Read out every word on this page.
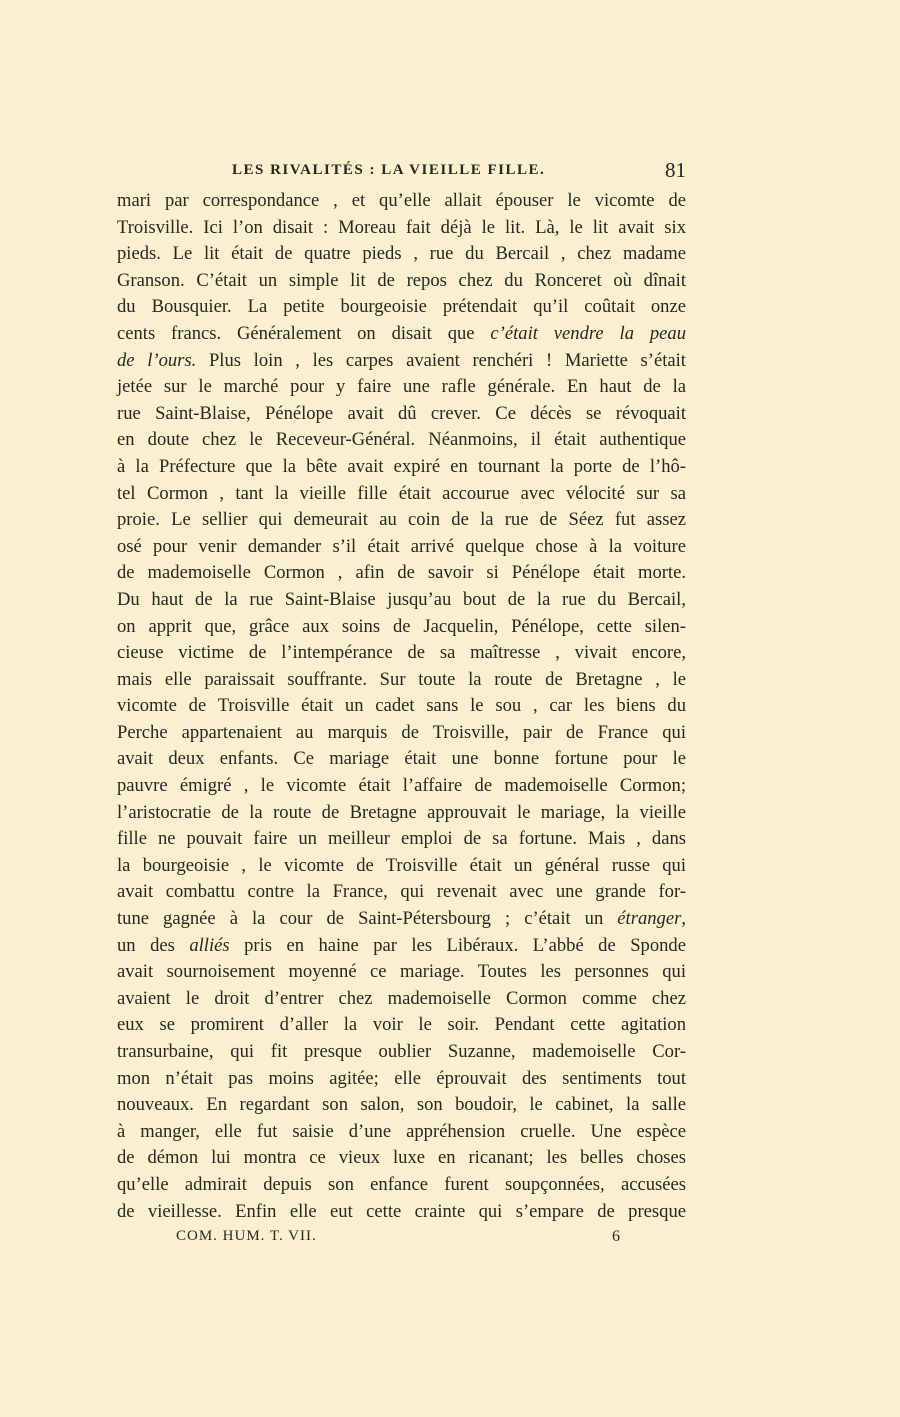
LES RIVALITÉS : LA VIEILLE FILLE.	81
mari par correspondance , et qu’elle allait épouser le vicomte de
Troisville. Ici l’on disait : Moreau fait déjà le lit. Là, le lit avait six
pieds. Le lit était de quatre pieds , rue du Bercail , chez madame
Granson. C’était un simple lit de repos chez du Ronceret où dînait
du Bousquier. La petite bourgeoisie prétendait qu’il coûtait onze
cents francs. Généralement on disait que c’était vendre la peau
de l’ours. Plus loin , les carpes avaient renchéri ! Mariette s’était
jetée sur le marché pour y faire une rafle générale. En haut de la
rue Saint-Blaise, Pénélope avait dû crever. Ce décès se révoquait
en doute chez le Receveur-Général. Néanmoins, il était authentique
à la Préfecture que la bête avait expiré en tournant la porte de l’hô-
tel Cormon , tant la vieille fille était accourue avec vélocité sur sa
proie. Le sellier qui demeurait au coin de la rue de Séez fut assez
osé pour venir demander s’il était arrivé quelque chose à la voiture
de mademoiselle Cormon , afin de savoir si Pénélope était morte.
Du haut de la rue Saint-Blaise jusqu’au bout de la rue du Bercail,
on apprit que, grâce aux soins de Jacquelin, Pénélope, cette silen-
cieuse victime de l’intempérance de sa maîtresse , vivait encore,
mais elle paraissait souffrante. Sur toute la route de Bretagne , le
vicomte de Troisville était un cadet sans le sou , car les biens du
Perche appartenaient au marquis de Troisville, pair de France qui
avait deux enfants. Ce mariage était une bonne fortune pour le
pauvre émigré , le vicomte était l’affaire de mademoiselle Cormon;
l’aristocratie de la route de Bretagne approuvait le mariage, la vieille
fille ne pouvait faire un meilleur emploi de sa fortune. Mais , dans
la bourgeoisie , le vicomte de Troisville était un général russe qui
avait combattu contre la France, qui revenait avec une grande for-
tune gagnée à la cour de Saint-Pétersbourg ; c’était un étranger,
un des alliés pris en haine par les Libéraux. L’abbé de Sponde
avait sournoisement moyenné ce mariage. Toutes les personnes qui
avaient le droit d’entrer chez mademoiselle Cormon comme chez
eux se promirent d’aller la voir le soir. Pendant cette agitation
transurbaine, qui fit presque oublier Suzanne, mademoiselle Cor-
mon n’était pas moins agitée; elle éprouvait des sentiments tout
nouveaux. En regardant son salon, son boudoir, le cabinet, la salle
à manger, elle fut saisie d’une appréhension cruelle. Une espèce
de démon lui montra ce vieux luxe en ricanant; les belles choses
qu’elle admirait depuis son enfance furent soupçonnées, accusées
de vieillesse. Enfin elle eut cette crainte qui s’empare de presque
COM. HUM. T. VII.	6
